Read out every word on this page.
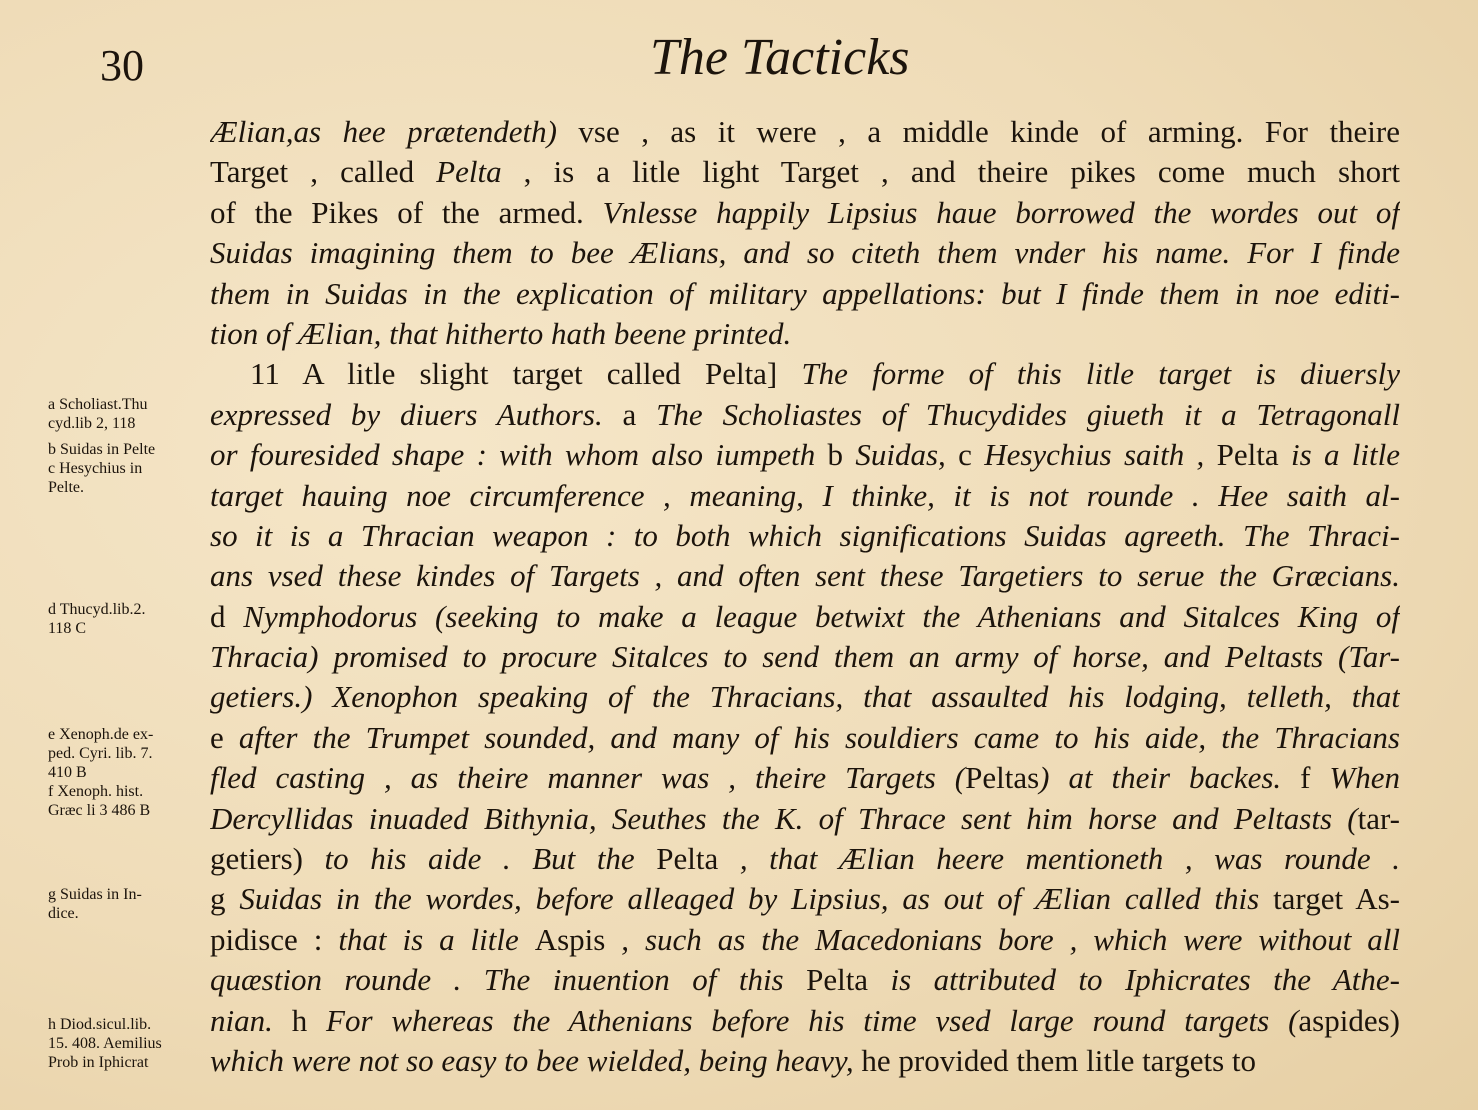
30	The Tacticks
Ælian,as hee prætendeth) vse , as it were , a middle kinde of arming. For theire
Target , called Pelta , is a litle light Target , and theire pikes come much short
of the Pikes of the armed. Vnlesse happily Lipsius haue borrowed the wordes out of
Suidas imagining them to bee Ælians, and so citeth them vnder his name. For I finde
them in Suidas in the explication of military appellations: but I finde them in noe editi-
tion of Ælian, that hitherto hath beene printed.
11 A litle slight target called Pelta] The forme of this litle target is diuersly
expressed by diuers Authors. a The Scholiastes of Thucydides giueth it a Tetragonall
or fouresided shape : with whom also iumpeth b Suidas, c Hesychius saith , Pelta is a litle
target hauing noe circumference , meaning, I thinke, it is not rounde . Hee saith al-
so it is a Thracian weapon : to both which significations Suidas agreeth. The Thraci-
ans vsed these kindes of Targets , and often sent these Targetiers to serue the Græcians.
d Nymphodorus (seeking to make a league betwixt the Athenians and Sitalces King of
Thracia) promised to procure Sitalces to send them an army of horse, and Peltasts (Tar-
getiers.) Xenophon speaking of the Thracians, that assaulted his lodging, telleth, that
e after the Trumpet sounded, and many of his souldiers came to his aide, the Thracians
fled casting , as theire manner was , theire Targets (Peltas) at their backes. f When
Dercyllidas inuaded Bithynia, Seuthes the K. of Thrace sent him horse and Peltasts (tar-
getiers) to his aide . But the Pelta , that Ælian heere mentioneth , was rounde .
g Suidas in the wordes, before alleaged by Lipsius, as out of Ælian called this target As-
pidisce : that is a litle Aspis , such as the Macedonians bore , which were without all
quæstion rounde . The inuention of this Pelta is attributed to Iphicrates the Athe-
nian. h For whereas the Athenians before his time vsed large round targets (aspides)
which were not so easy to bee wielded, being heavy, he provided them litle targets to
a Scholiast.Thu
cyd.lib 2, 118
b Suidas in Pelte
c Hesychius in
Pelte.
d Thucyd.lib.2.
118 C
e Xenoph.de ex-
ped. Cyri. lib. 7.
410 B
f Xenoph. hist.
Græc li 3 486 B
g Suidas in In-
dice.
h Diod.sicul.lib.
15. 408. Aemilius
Prob in Iphicrat
